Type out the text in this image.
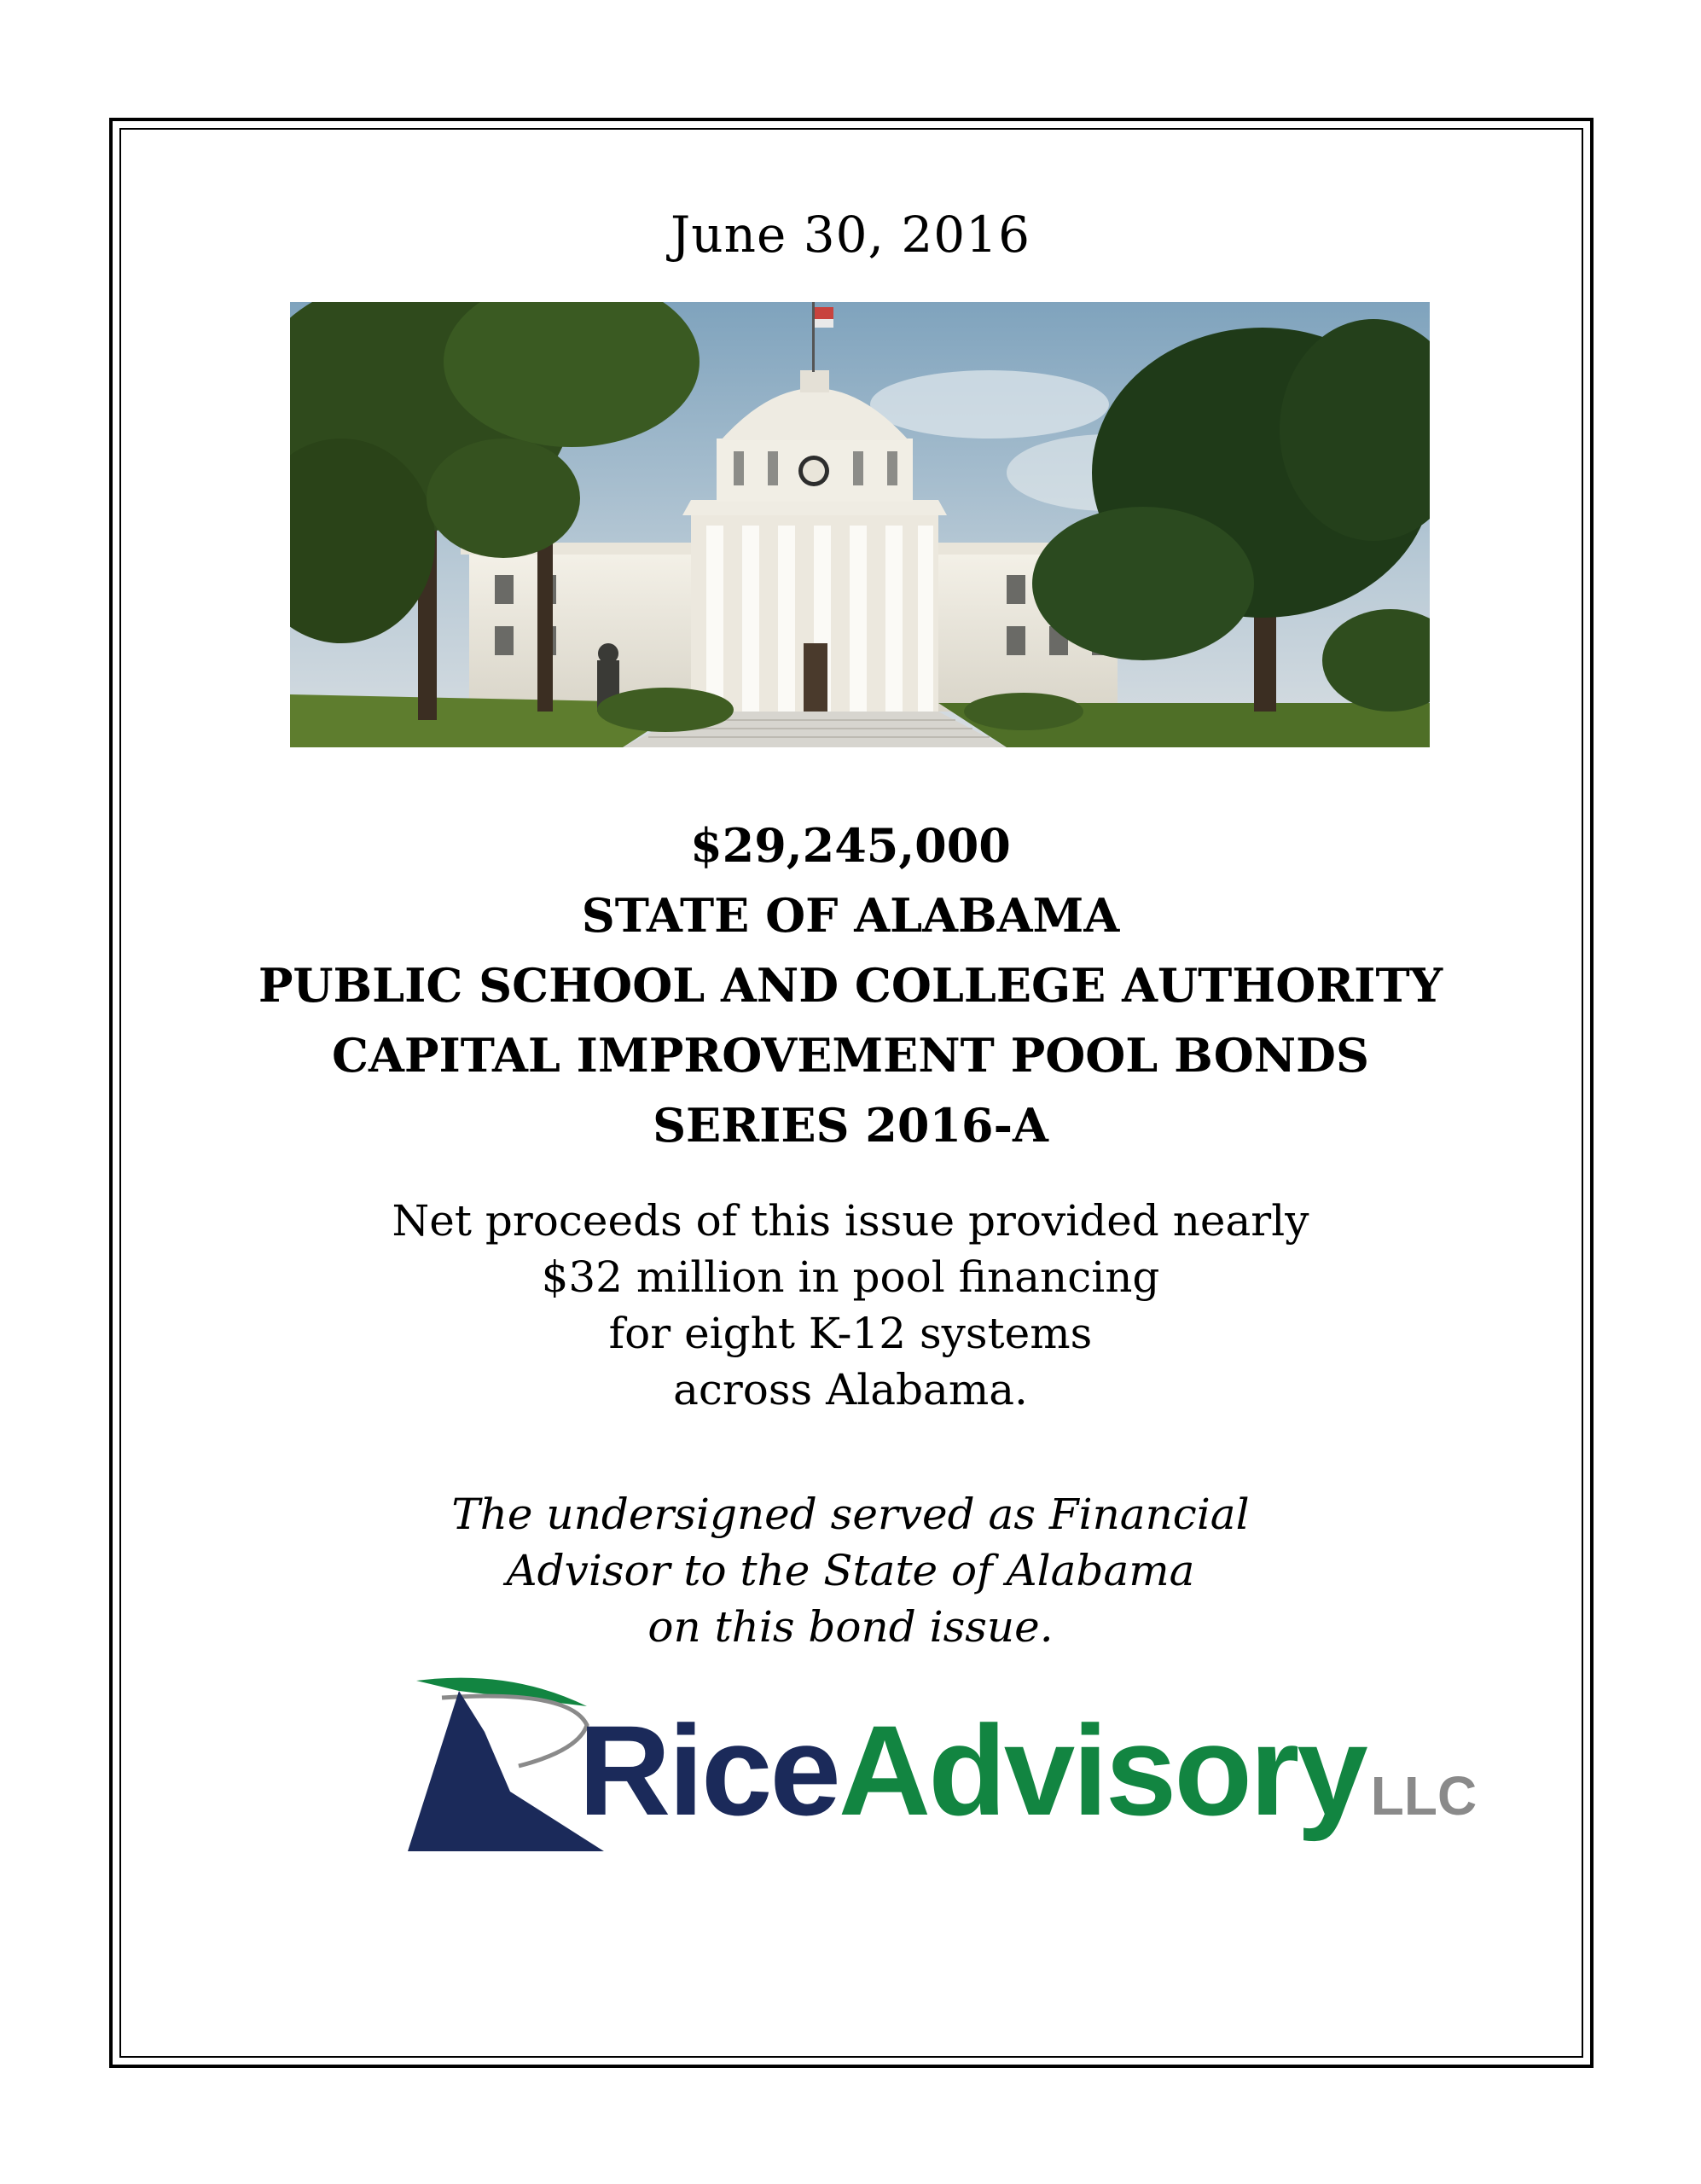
June 30, 2016
$29,245,000
STATE OF ALABAMA
PUBLIC SCHOOL AND COLLEGE AUTHORITY
CAPITAL IMPROVEMENT POOL BONDS
SERIES 2016-A
Net proceeds of this issue provided nearly
$32 million in pool financing
for eight K-12 systems
across Alabama.
The undersigned served as Financial
Advisor to the State of Alabama
on this bond issue.
RiceAdvisoryLLC
